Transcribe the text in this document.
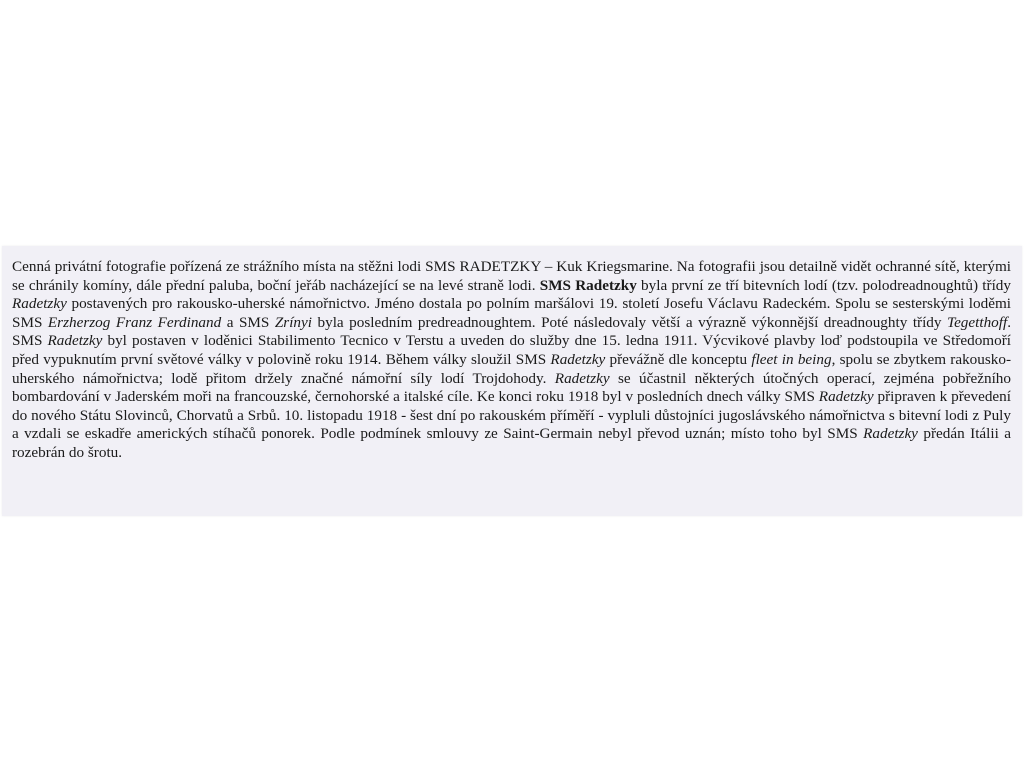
Cenná privátní fotografie pořízená ze strážního místa na stěžni lodi SMS RADETZKY – Kuk Kriegsmarine. Na fotografii jsou detailně vidět ochranné sítě, kterými se chránily komíny, dále přední paluba, boční jeřáb nacházející se na levé straně lodi. SMS Radetzky byla první ze tří bitevních lodí (tzv. polodreadnoughtů) třídy Radetzky postavených pro rakousko-uherské námořnictvo. Jméno dostala po polním maršálovi 19. století Josefu Václavu Radeckém. Spolu se sesterskými loděmi SMS Erzherzog Franz Ferdinand a SMS Zrínyi byla posledním predreadnoughtem. Poté následovaly větší a výrazně výkonnější dreadnoughty třídy Tegetthoff. SMS Radetzky byl postaven v loděnici Stabilimento Tecnico v Terstu a uveden do služby dne 15. ledna 1911. Výcvikové plavby loď podstoupila ve Středomoří před vypuknutím první světové války v polovině roku 1914. Během války sloužil SMS Radetzky převážně dle konceptu fleet in being, spolu se zbytkem rakousko-uherského námořnictva; lodě přitom držely značné námořní síly lodí Trojdohody. Radetzky se účastnil některých útočných operací, zejména pobřežního bombardování v Jaderském moři na francouzské, černohorské a italské cíle. Ke konci roku 1918 byl v posledních dnech války SMS Radetzky připraven k převedení do nového Státu Slovinců, Chorvatů a Srbů. 10. listopadu 1918 - šest dní po rakouském příměří - vypluli důstojníci jugoslávského námořnictva s bitevní lodi z Puly a vzdali se eskadře amerických stíhačů ponorek. Podle podmínek smlouvy ze Saint-Germain nebyl převod uznán; místo toho byl SMS Radetzky předán Itálii a rozebrán do šrotu.
